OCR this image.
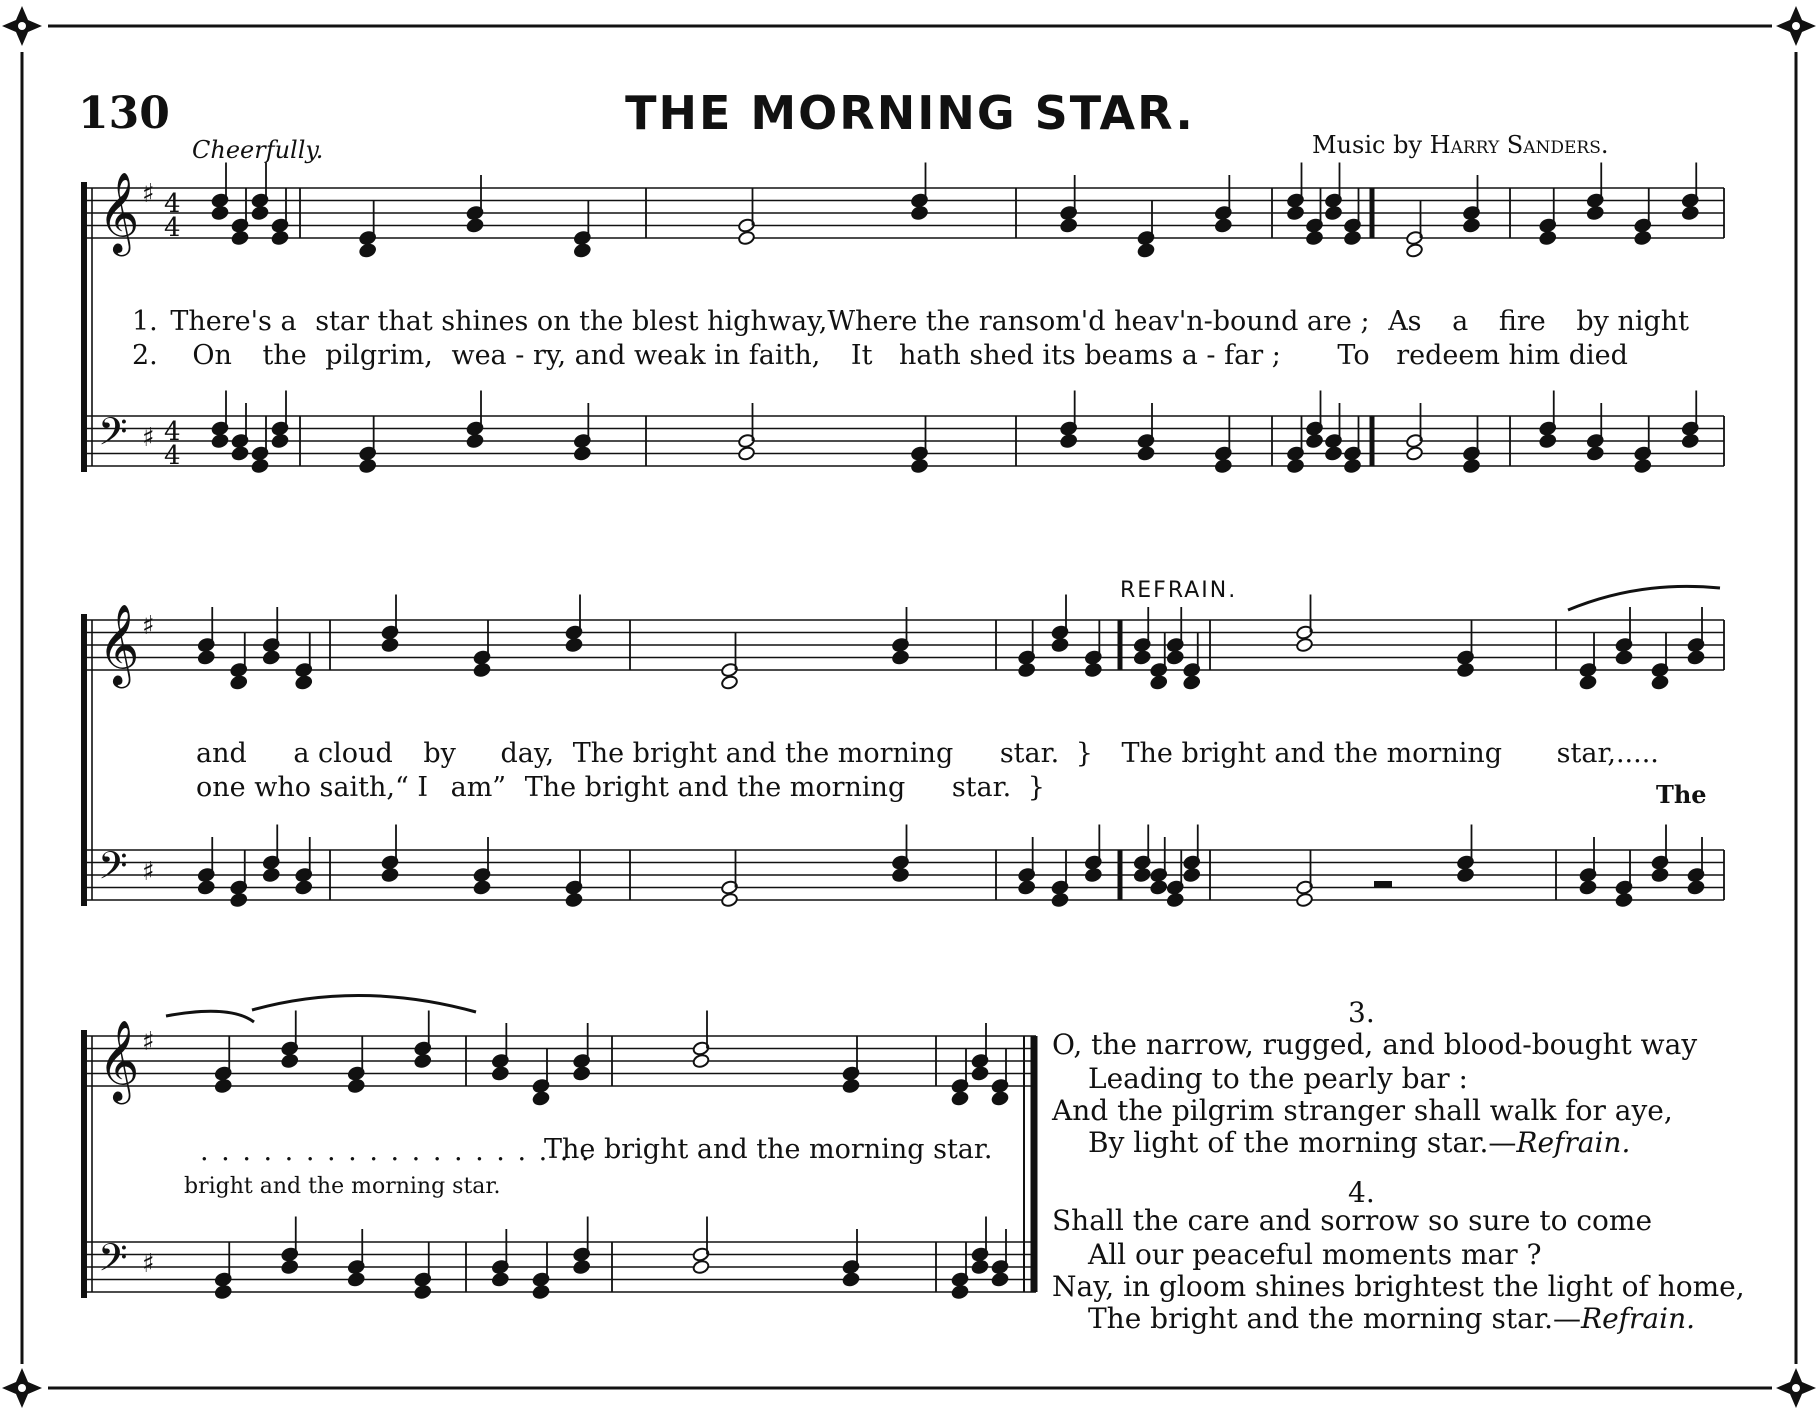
130	THE MORNING STAR.
Cheerfully.	Music by Harry Sanders.
𝄞
𝄢
♯
♯
4
4
4
4
𝄞
𝄢
♯
♯
𝄞
𝄢
♯
♯
1. There's a star that shines on the blest highway,Where the ransom'd heav'n-bound are ; As a fire by night
2. On the pilgrim, wea - ry, and weak in faith, It hath shed its beams a - far ; To redeem him died
REFRAIN.
and a cloud by day, The bright and the morning star. } The bright and the morning star,.....
one who saith,“ I am” The bright and the morning star. }	The
. . . . . . . . . . . . . . . . . . .
The bright and the morning star.
bright and the morning star.
3.
O, the narrow, rugged, and blood-bought way
Leading to the pearly bar :
And the pilgrim stranger shall walk for aye,
By light of the morning star.—Refrain.
4.
Shall the care and sorrow so sure to come
All our peaceful moments mar ?
Nay, in gloom shines brightest the light of home,
The bright and the morning star.—Refrain.
